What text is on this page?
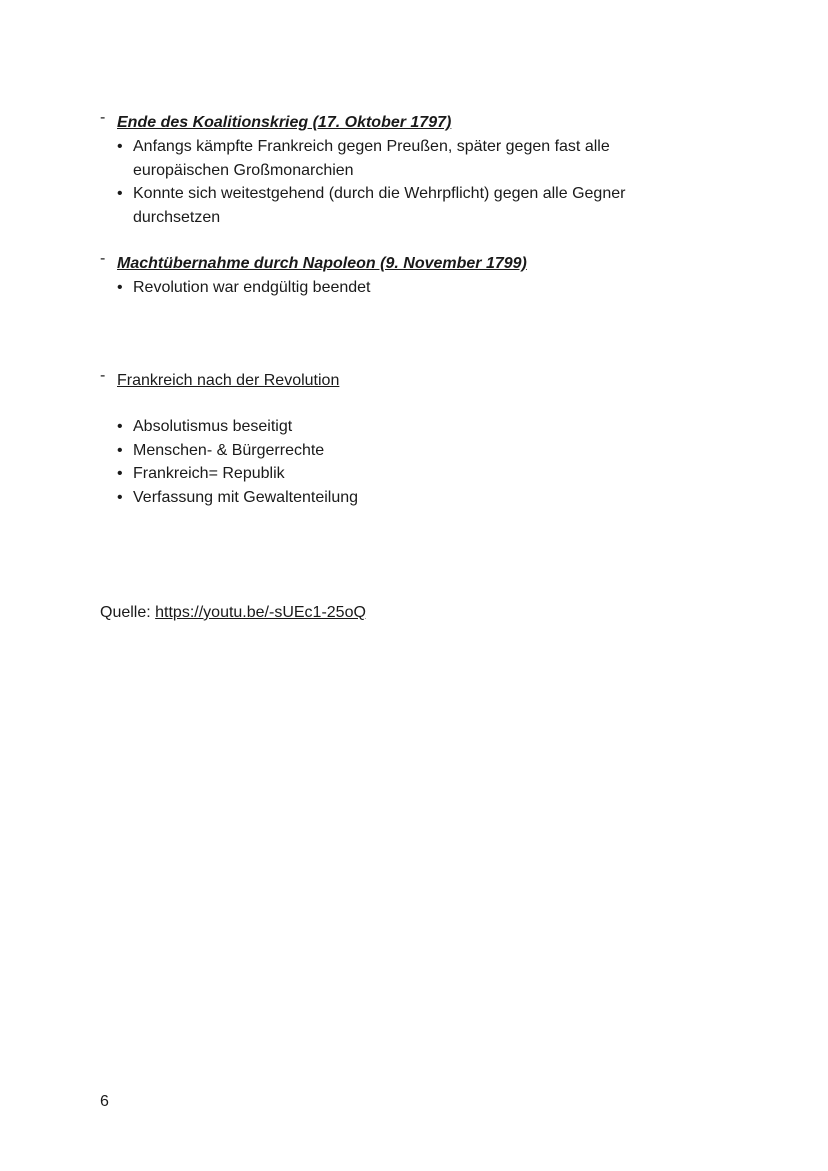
- Ende des Koalitionskrieg (17. Oktober 1797)
• Anfangs kämpfte Frankreich gegen Preußen, später gegen fast alle europäischen Großmonarchien
• Konnte sich weitestgehend (durch die Wehrpflicht) gegen alle Gegner durchsetzen
- Machtübernahme durch Napoleon (9. November 1799)
• Revolution war endgültig beendet
- Frankreich nach der Revolution
• Absolutismus beseitigt
• Menschen- & Bürgerrechte
• Frankreich= Republik
• Verfassung mit Gewaltenteilung
Quelle: https://youtu.be/-sUEc1-25oQ
6
